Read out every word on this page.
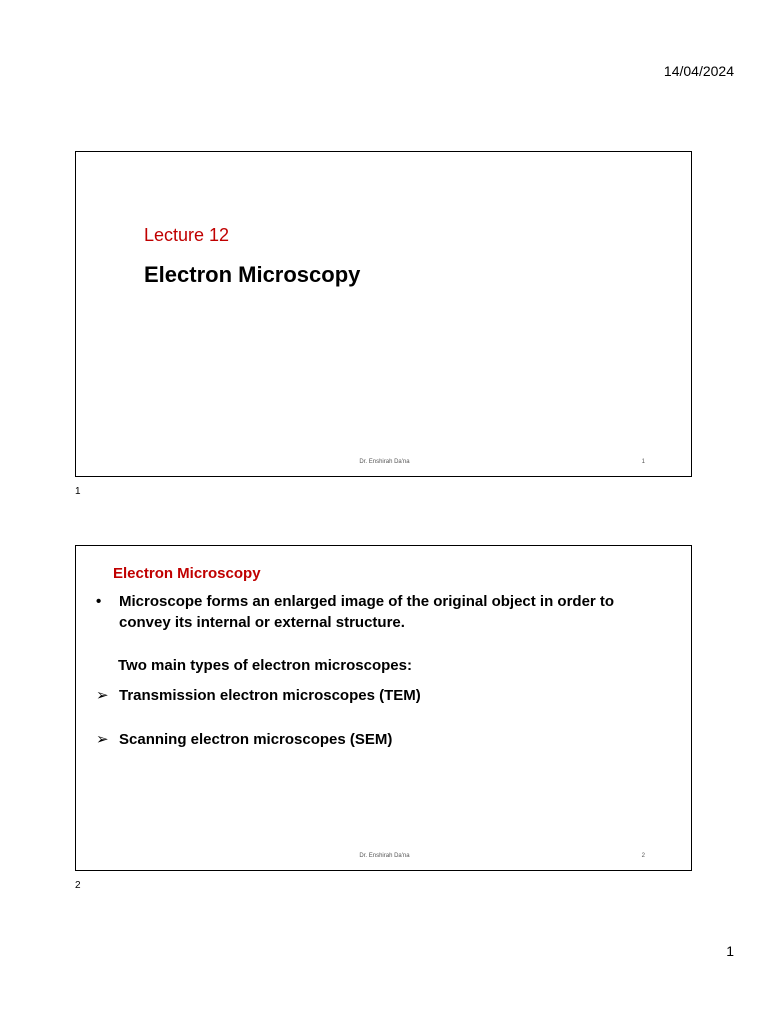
14/04/2024
Lecture 12
Electron Microscopy
Dr. Enshirah Da'na	1
1
Electron Microscopy
• Microscope forms an enlarged image of the original object in order to convey its internal or external structure.
Two main types of electron microscopes:
➢ Transmission electron microscopes (TEM)
➢ Scanning electron microscopes (SEM)
Dr. Enshirah Da'na	2
2
1
